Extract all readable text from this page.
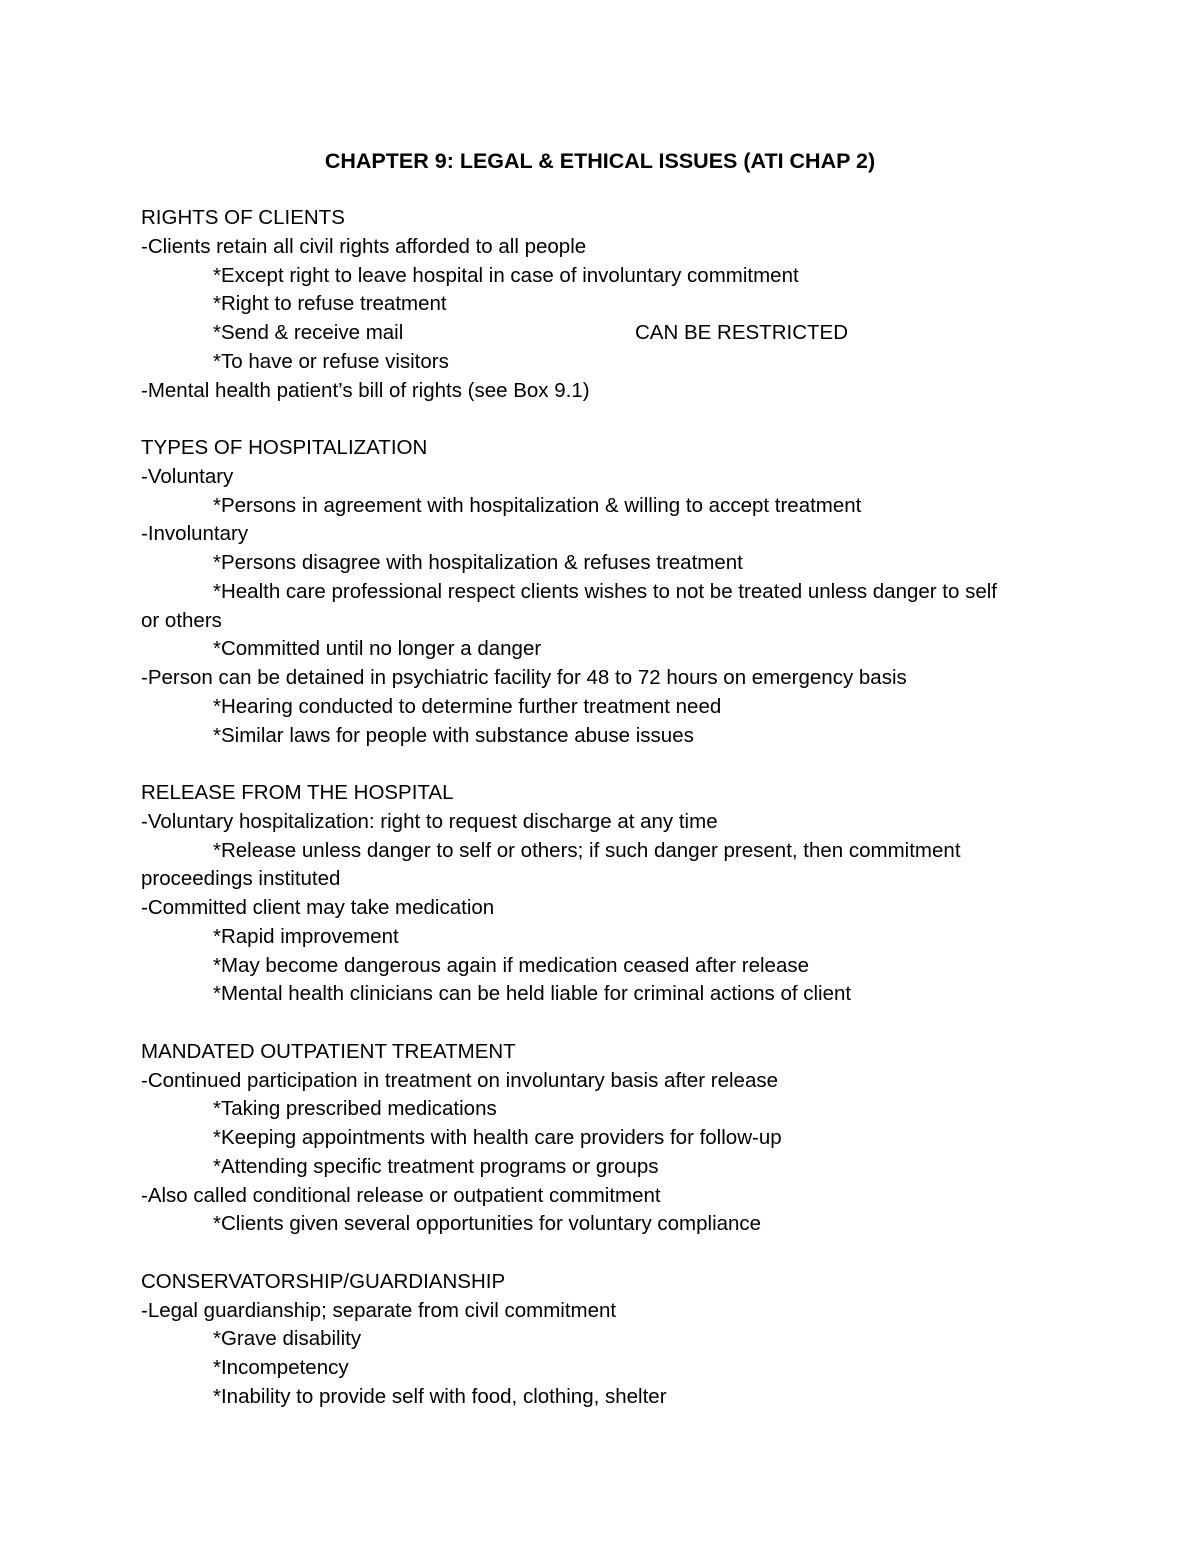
CHAPTER 9: LEGAL & ETHICAL ISSUES (ATI CHAP 2)
RIGHTS OF CLIENTS
-Clients retain all civil rights afforded to all people
*Except right to leave hospital in case of involuntary commitment
*Right to refuse treatment
*Send & receive mail	CAN BE RESTRICTED
*To have or refuse visitors
-Mental health patient’s bill of rights (see Box 9.1)
TYPES OF HOSPITALIZATION
-Voluntary
*Persons in agreement with hospitalization & willing to accept treatment
-Involuntary
*Persons disagree with hospitalization & refuses treatment
*Health care professional respect clients wishes to not be treated unless danger to self
or others
*Committed until no longer a danger
-Person can be detained in psychiatric facility for 48 to 72 hours on emergency basis
*Hearing conducted to determine further treatment need
*Similar laws for people with substance abuse issues
RELEASE FROM THE HOSPITAL
-Voluntary hospitalization: right to request discharge at any time
*Release unless danger to self or others; if such danger present, then commitment
proceedings instituted
-Committed client may take medication
*Rapid improvement
*May become dangerous again if medication ceased after release
*Mental health clinicians can be held liable for criminal actions of client
MANDATED OUTPATIENT TREATMENT
-Continued participation in treatment on involuntary basis after release
*Taking prescribed medications
*Keeping appointments with health care providers for follow-up
*Attending specific treatment programs or groups
-Also called conditional release or outpatient commitment
*Clients given several opportunities for voluntary compliance
CONSERVATORSHIP/GUARDIANSHIP
-Legal guardianship; separate from civil commitment
*Grave disability
*Incompetency
*Inability to provide self with food, clothing, shelter
